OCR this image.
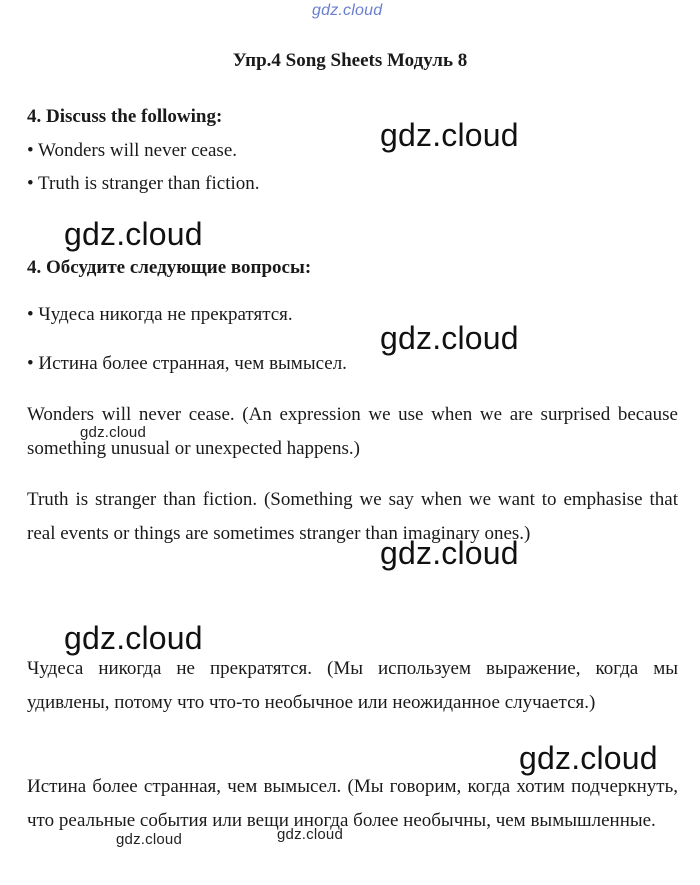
gdz.cloud
Упр.4 Song Sheets Модуль 8
4. Discuss the following:
• Wonders will never cease.
• Truth is stranger than fiction.
4. Обсудите следующие вопросы:
• Чудеса никогда не прекратятся.
• Истина более странная, чем вымысел.
Wonders will never cease. (An expression we use when we are surprised because something unusual or unexpected happens.)
Truth is stranger than fiction. (Something we say when we want to emphasise that real events or things are sometimes stranger than imaginary ones.)
Чудеса никогда не прекратятся. (Мы используем выражение, когда мы удивлены, потому что что-то необычное или неожиданное случается.)
Истина более странная, чем вымысел. (Мы говорим, когда хотим подчеркнуть, что реальные события или вещи иногда более необычны, чем вымышленные.
gdz.cloud
gdz.cloud
gdz.cloud
gdz.cloud
gdz.cloud
gdz.cloud
gdz.cloud
gdz.cloud	gdz.cloud
